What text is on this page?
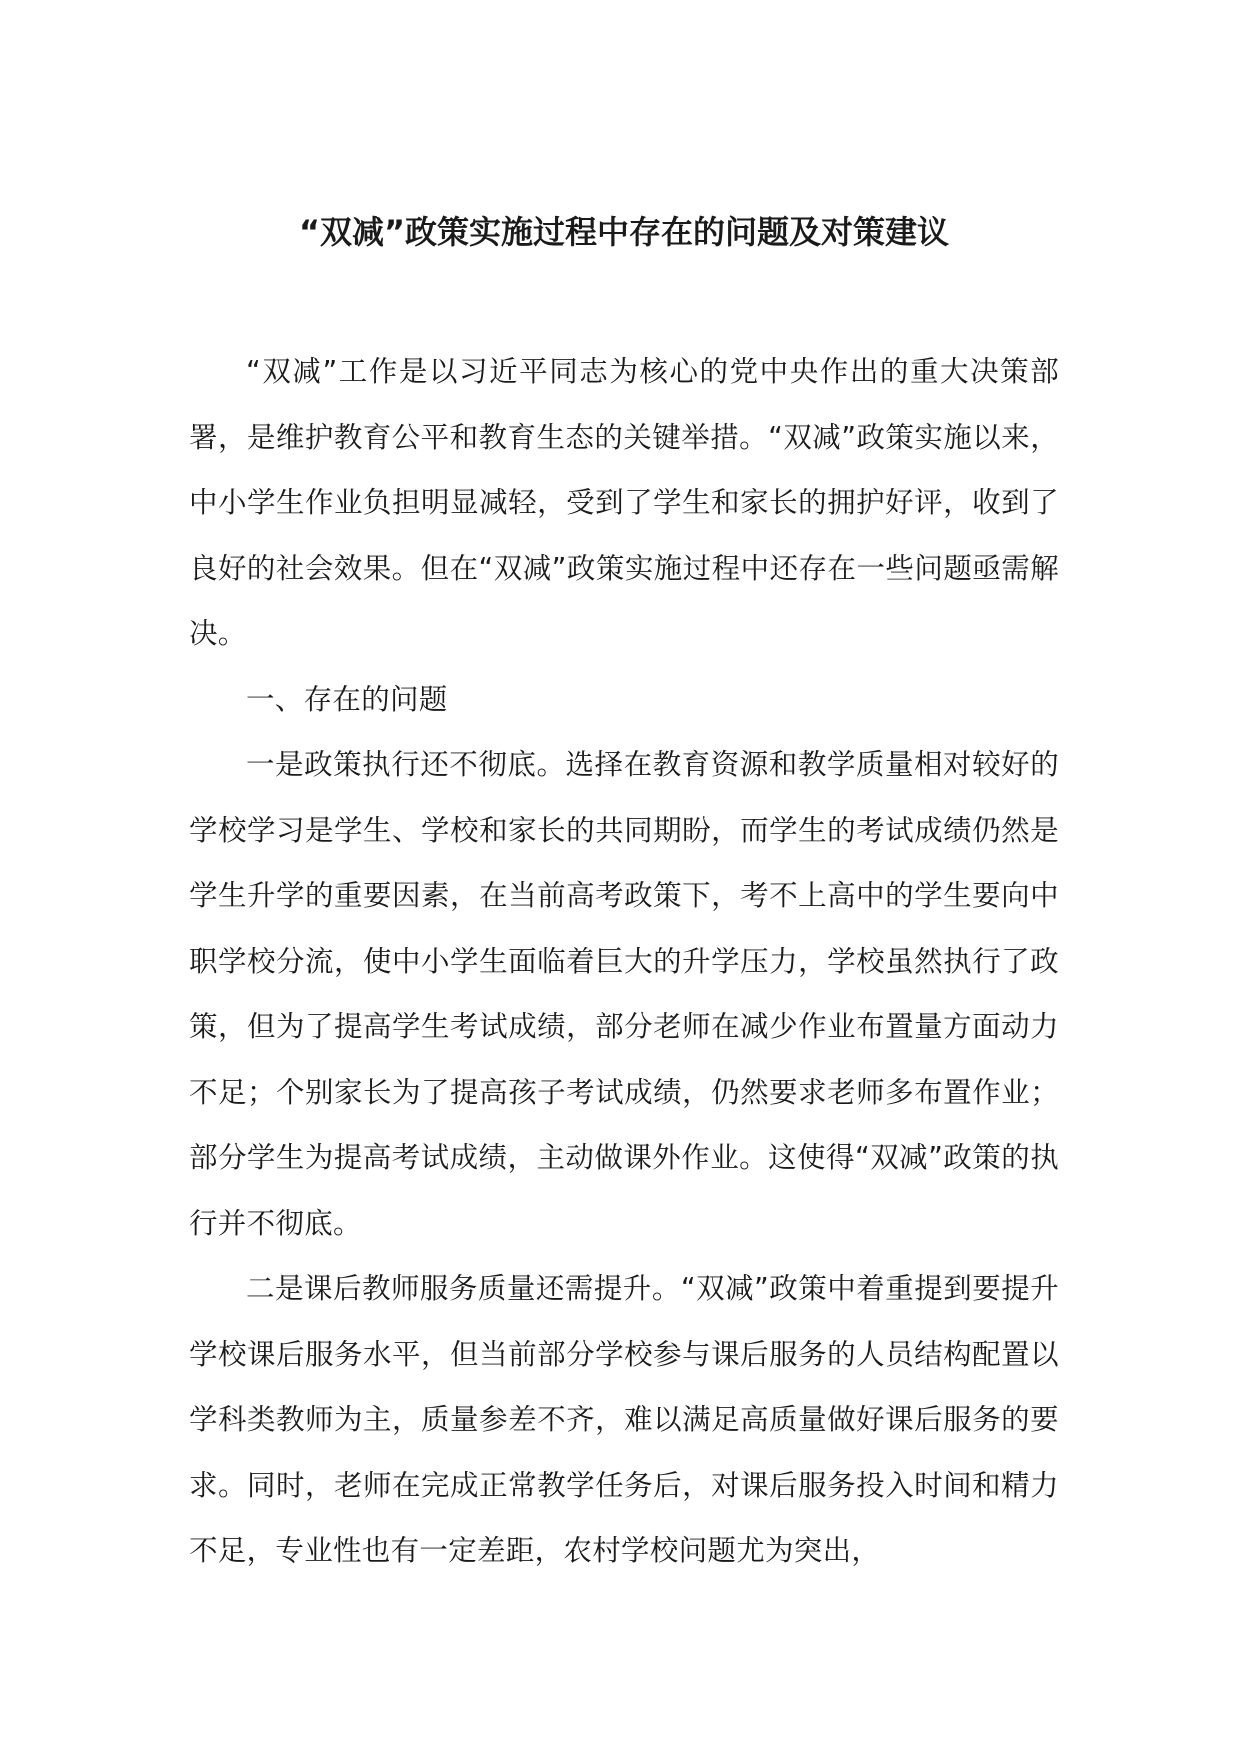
“双减”政策实施过程中存在的问题及对策建议

“双减”工作是以习近平同志为核心的党中央作出的重大决策部署，是维护教育公平和教育生态的关键举措。“双减”政策实施以来，中小学生作业负担明显减轻，受到了学生和家长的拥护好评，收到了良好的社会效果。但在“双减”政策实施过程中还存在一些问题亟需解决。

一、存在的问题

一是政策执行还不彻底。选择在教育资源和教学质量相对较好的学校学习是学生、学校和家长的共同期盼，而学生的考试成绩仍然是学生升学的重要因素，在当前高考政策下，考不上高中的学生要向中职学校分流，使中小学生面临着巨大的升学压力，学校虽然执行了政策，但为了提高学生考试成绩，部分老师在减少作业布置量方面动力不足；个别家长为了提高孩子考试成绩，仍然要求老师多布置作业；部分学生为提高考试成绩，主动做课外作业。这使得“双减”政策的执行并不彻底。

二是课后教师服务质量还需提升。“双减”政策中着重提到要提升学校课后服务水平，但当前部分学校参与课后服务的人员结构配置以学科类教师为主，质量参差不齐，难以满足高质量做好课后服务的要求。同时，老师在完成正常教学任务后，对课后服务投入时间和精力不足，专业性也有一定差距，农村学校问题尤为突出，
